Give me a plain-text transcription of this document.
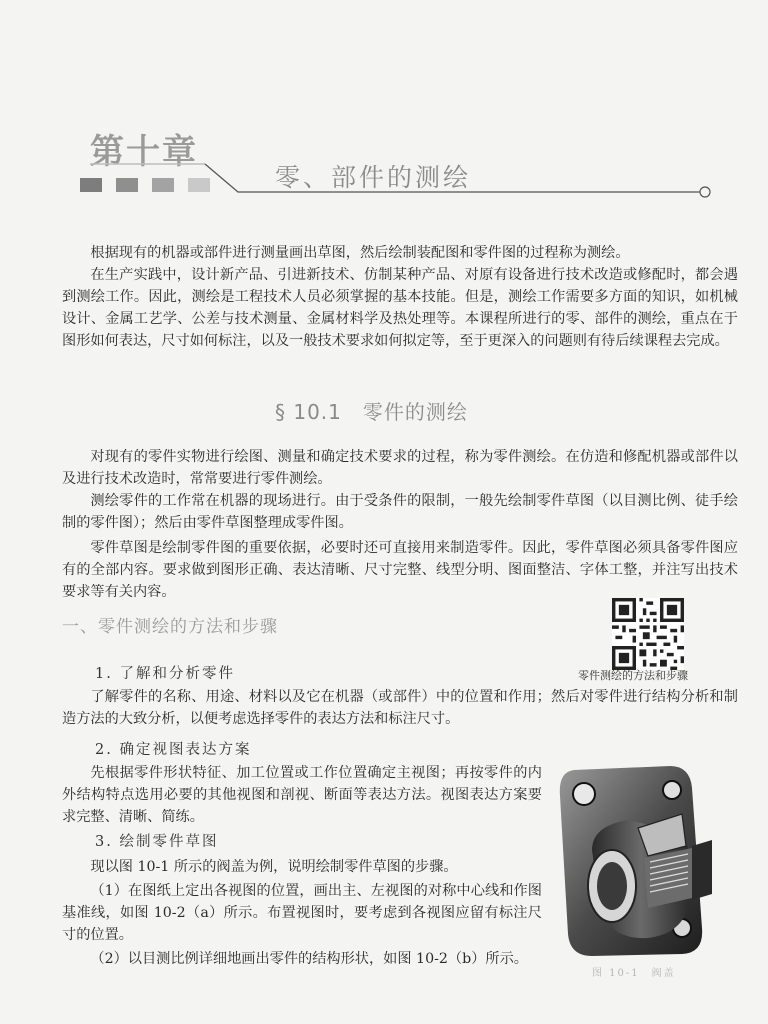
第十章
零、部件的测绘
根据现有的机器或部件进行测量画出草图，然后绘制装配图和零件图的过程称为测绘。
在生产实践中，设计新产品、引进新技术、仿制某种产品、对原有设备进行技术改造或修配时，都会遇到测绘工作。因此，测绘是工程技术人员必须掌握的基本技能。但是，测绘工作需要多方面的知识，如机械设计、金属工艺学、公差与技术测量、金属材料学及热处理等。本课程所进行的零、部件的测绘，重点在于图形如何表达，尺寸如何标注，以及一般技术要求如何拟定等，至于更深入的问题则有待后续课程去完成。
§ 10.1　零件的测绘
对现有的零件实物进行绘图、测量和确定技术要求的过程，称为零件测绘。在仿造和修配机器或部件以及进行技术改造时，常常要进行零件测绘。
测绘零件的工作常在机器的现场进行。由于受条件的限制，一般先绘制零件草图（以目测比例、徒手绘制的零件图）；然后由零件草图整理成零件图。
零件草图是绘制零件图的重要依据，必要时还可直接用来制造零件。因此，零件草图必须具备零件图应有的全部内容。要求做到图形正确、表达清晰、尺寸完整、线型分明、图面整洁、字体工整，并注写出技术要求等有关内容。
一、零件测绘的方法和步骤
零件测绘的方法和步骤
1. 了解和分析零件
了解零件的名称、用途、材料以及它在机器（或部件）中的位置和作用；然后对零件进行结构分析和制造方法的大致分析，以便考虑选择零件的表达方法和标注尺寸。
2. 确定视图表达方案
先根据零件形状特征、加工位置或工作位置确定主视图；再按零件的内外结构特点选用必要的其他视图和剖视、断面等表达方法。视图表达方案要求完整、清晰、简练。
3. 绘制零件草图
现以图 10-1 所示的阀盖为例，说明绘制零件草图的步骤。
（1）在图纸上定出各视图的位置，画出主、左视图的对称中心线和作图基准线，如图 10-2（a）所示。布置视图时，要考虑到各视图应留有标注尺寸的位置。
（2）以目测比例详细地画出零件的结构形状，如图 10-2（b）所示。
图 10-1　阀盖
